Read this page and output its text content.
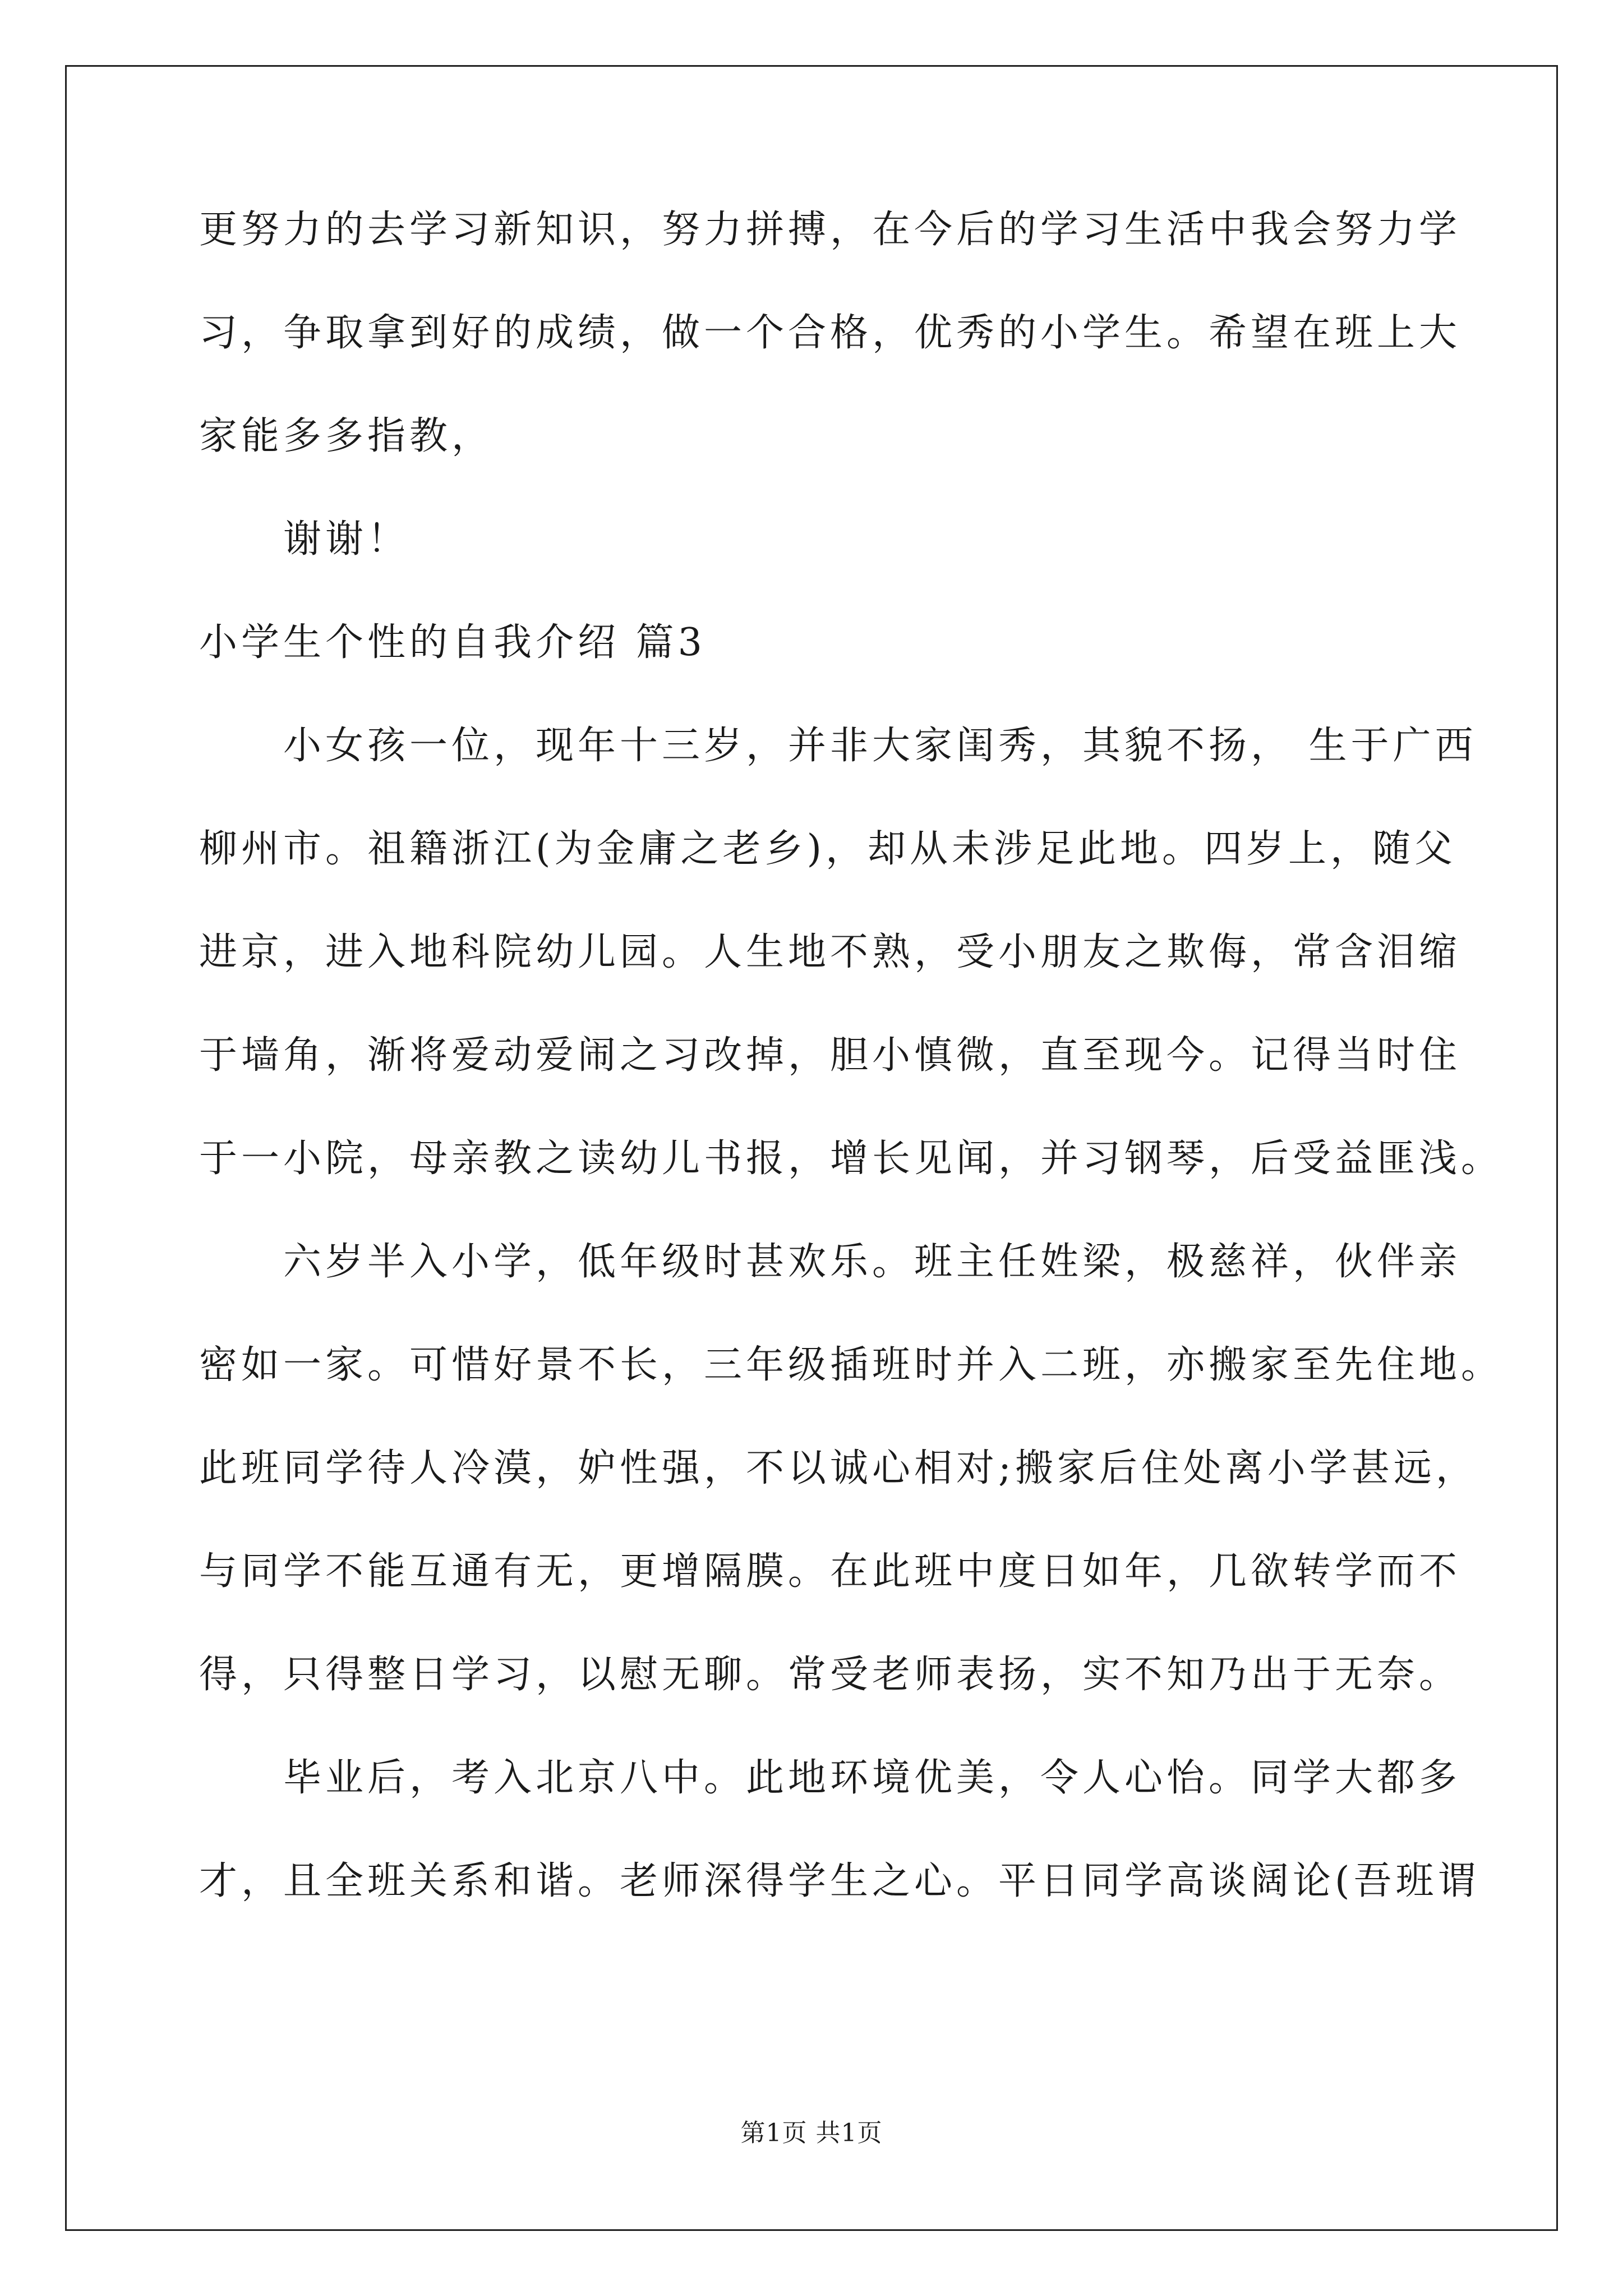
更努力的去学习新知识，努力拼搏，在今后的学习生活中我会努力学
习，争取拿到好的成绩，做一个合格，优秀的小学生。希望在班上大
家能多多指教，
谢谢！
小学生个性的自我介绍 篇3
小女孩一位，现年十三岁，并非大家闺秀，其貌不扬， 生于广西
柳州市。祖籍浙江(为金庸之老乡)，却从未涉足此地。四岁上，随父
进京，进入地科院幼儿园。人生地不熟，受小朋友之欺侮，常含泪缩
于墙角，渐将爱动爱闹之习改掉，胆小慎微，直至现今。记得当时住
于一小院，母亲教之读幼儿书报，增长见闻，并习钢琴，后受益匪浅。
六岁半入小学，低年级时甚欢乐。班主任姓梁，极慈祥，伙伴亲
密如一家。可惜好景不长，三年级插班时并入二班，亦搬家至先住地。
此班同学待人冷漠，妒性强，不以诚心相对;搬家后住处离小学甚远，
与同学不能互通有无，更增隔膜。在此班中度日如年，几欲转学而不
得，只得整日学习，以慰无聊。常受老师表扬，实不知乃出于无奈。
毕业后，考入北京八中。此地环境优美，令人心怡。同学大都多
才，且全班关系和谐。老师深得学生之心。平日同学高谈阔论(吾班谓
第1页 共1页
